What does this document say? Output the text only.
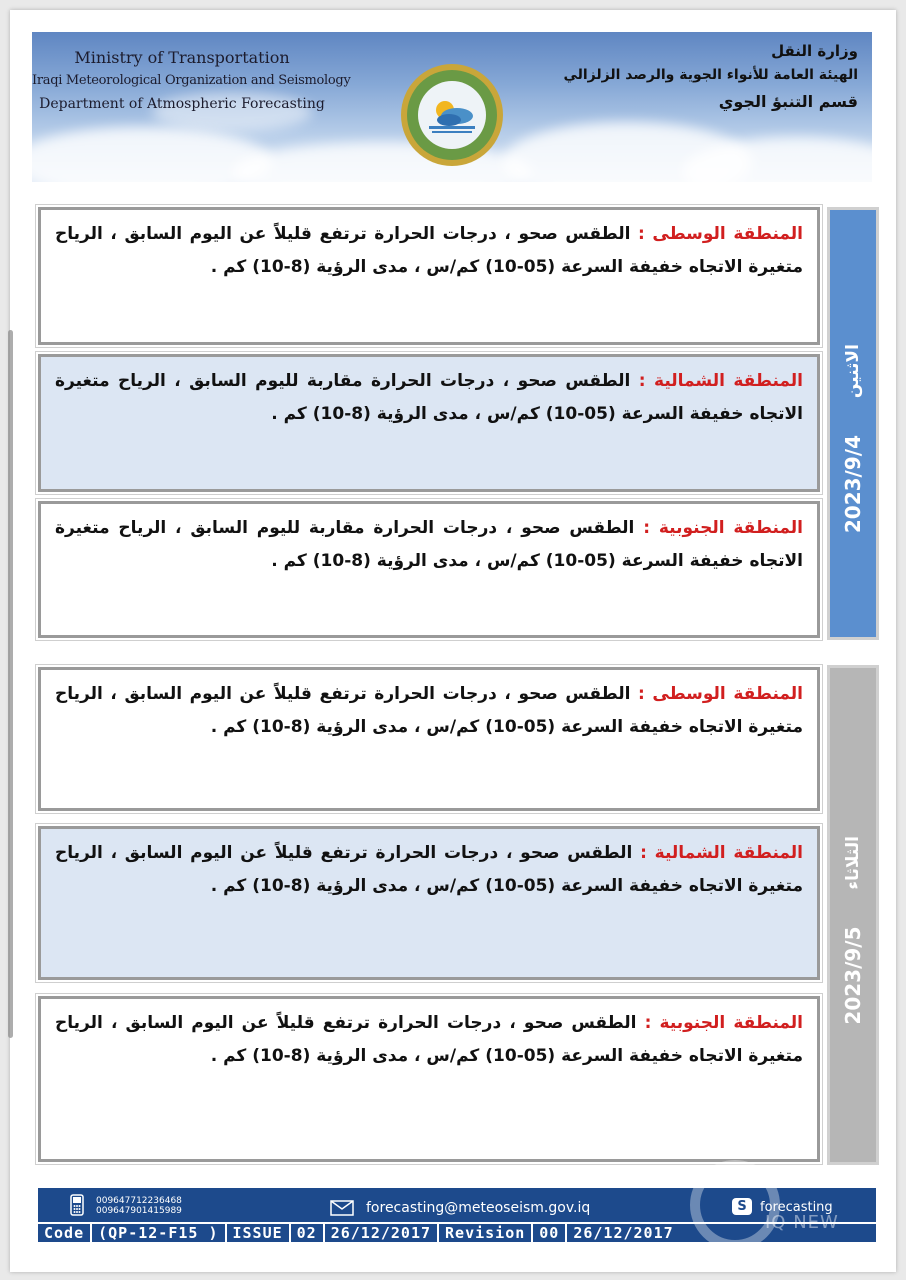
Ministry of Transportation
Iraqi Meteorological Organization and Seismology
Department of Atmospheric Forecasting
وزارة النقل
الهيئة العامة للأنواء الجوية والرصد الزلزالي
قسم التنبؤ الجوي
2023/9/4 الاثنين
المنطقة الوسطى : الطقس صحو ، درجات الحرارة ترتفع قليلاً عن اليوم السابق ، الرياح متغيرة الاتجاه خفيفة السرعة (05-10) كم/س ، مدى الرؤية (8-10) كم .
المنطقة الشمالية : الطقس صحو ، درجات الحرارة مقاربة لليوم السابق ، الرياح متغيرة الاتجاه خفيفة السرعة (05-10) كم/س ، مدى الرؤية (8-10) كم .
المنطقة الجنوبية : الطقس صحو ، درجات الحرارة مقاربة لليوم السابق ، الرياح متغيرة الاتجاه خفيفة السرعة (05-10) كم/س ، مدى الرؤية (8-10) كم .
2023/9/5 الثلاثاء
المنطقة الوسطى : الطقس صحو ، درجات الحرارة ترتفع قليلاً عن اليوم السابق ، الرياح متغيرة الاتجاه خفيفة السرعة (05-10) كم/س ، مدى الرؤية (8-10) كم .
المنطقة الشمالية : الطقس صحو ، درجات الحرارة ترتفع قليلاً عن اليوم السابق ، الرياح متغيرة الاتجاه خفيفة السرعة (05-10) كم/س ، مدى الرؤية (8-10) كم .
المنطقة الجنوبية : الطقس صحو ، درجات الحرارة ترتفع قليلاً عن اليوم السابق ، الرياح متغيرة الاتجاه خفيفة السرعة (05-10) كم/س ، مدى الرؤية (8-10) كم .
009647712236468
009647901415989	forecasting@meteoseism.gov.iq	S	forecasting
Code (QP-12-F15 ) ISSUE 02 26/12/2017 Revision 00 26/12/2017	IQ NEW
